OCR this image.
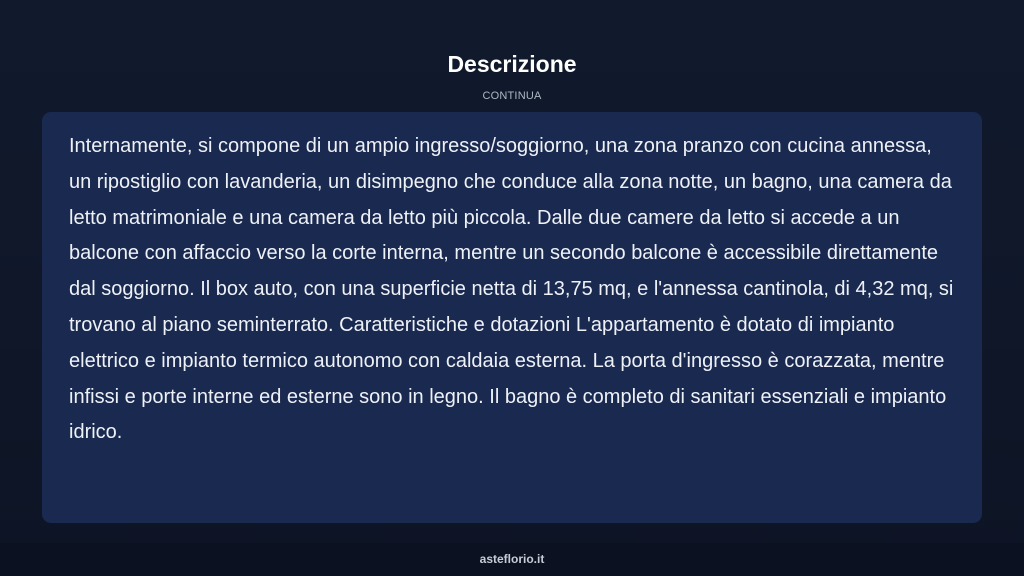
Descrizione
CONTINUA

Internamente, si compone di un ampio ingresso/soggiorno, una zona pranzo con cucina annessa, un ripostiglio con lavanderia, un disimpegno che conduce alla zona notte, un bagno, una camera da letto matrimoniale e una camera da letto più piccola. Dalle due camere da letto si accede a un balcone con affaccio verso la corte interna, mentre un secondo balcone è accessibile direttamente dal soggiorno. Il box auto, con una superficie netta di 13,75 mq, e l'annessa cantinola, di 4,32 mq, si trovano al piano seminterrato. Caratteristiche e dotazioni L'appartamento è dotato di impianto elettrico e impianto termico autonomo con caldaia esterna. La porta d'ingresso è corazzata, mentre infissi e porte interne ed esterne sono in legno. Il bagno è completo di sanitari essenziali e impianto idrico.

asteflorio.it
